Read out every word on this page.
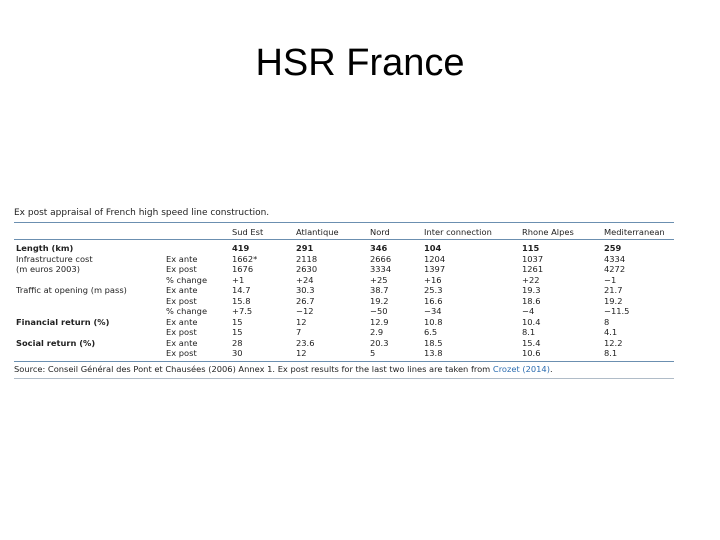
HSR France
Ex post appraisal of French high speed line construction.
		Sud Est	Atlantique	Nord	Inter connection	Rhone Alpes	Mediterranean
Length (km)		419	291	346	104	115	259
Infrastructure cost	Ex ante	1662*	2118	2666	1204	1037	4334
(m euros 2003)	Ex post	1676	2630	3334	1397	1261	4272
	% change	+1	+24	+25	+16	+22	−1
Traffic at opening (m pass)	Ex ante	14.7	30.3	38.7	25.3	19.3	21.7
	Ex post	15.8	26.7	19.2	16.6	18.6	19.2
	% change	+7.5	−12	−50	−34	−4	−11.5
Financial return (%)	Ex ante	15	12	12.9	10.8	10.4	8
	Ex post	15	7	2.9	6.5	8.1	4.1
Social return (%)	Ex ante	28	23.6	20.3	18.5	15.4	12.2
	Ex post	30	12	5	13.8	10.6	8.1
Source: Conseil Général des Pont et Chausées (2006) Annex 1. Ex post results for the last two lines are taken from Crozet (2014).
